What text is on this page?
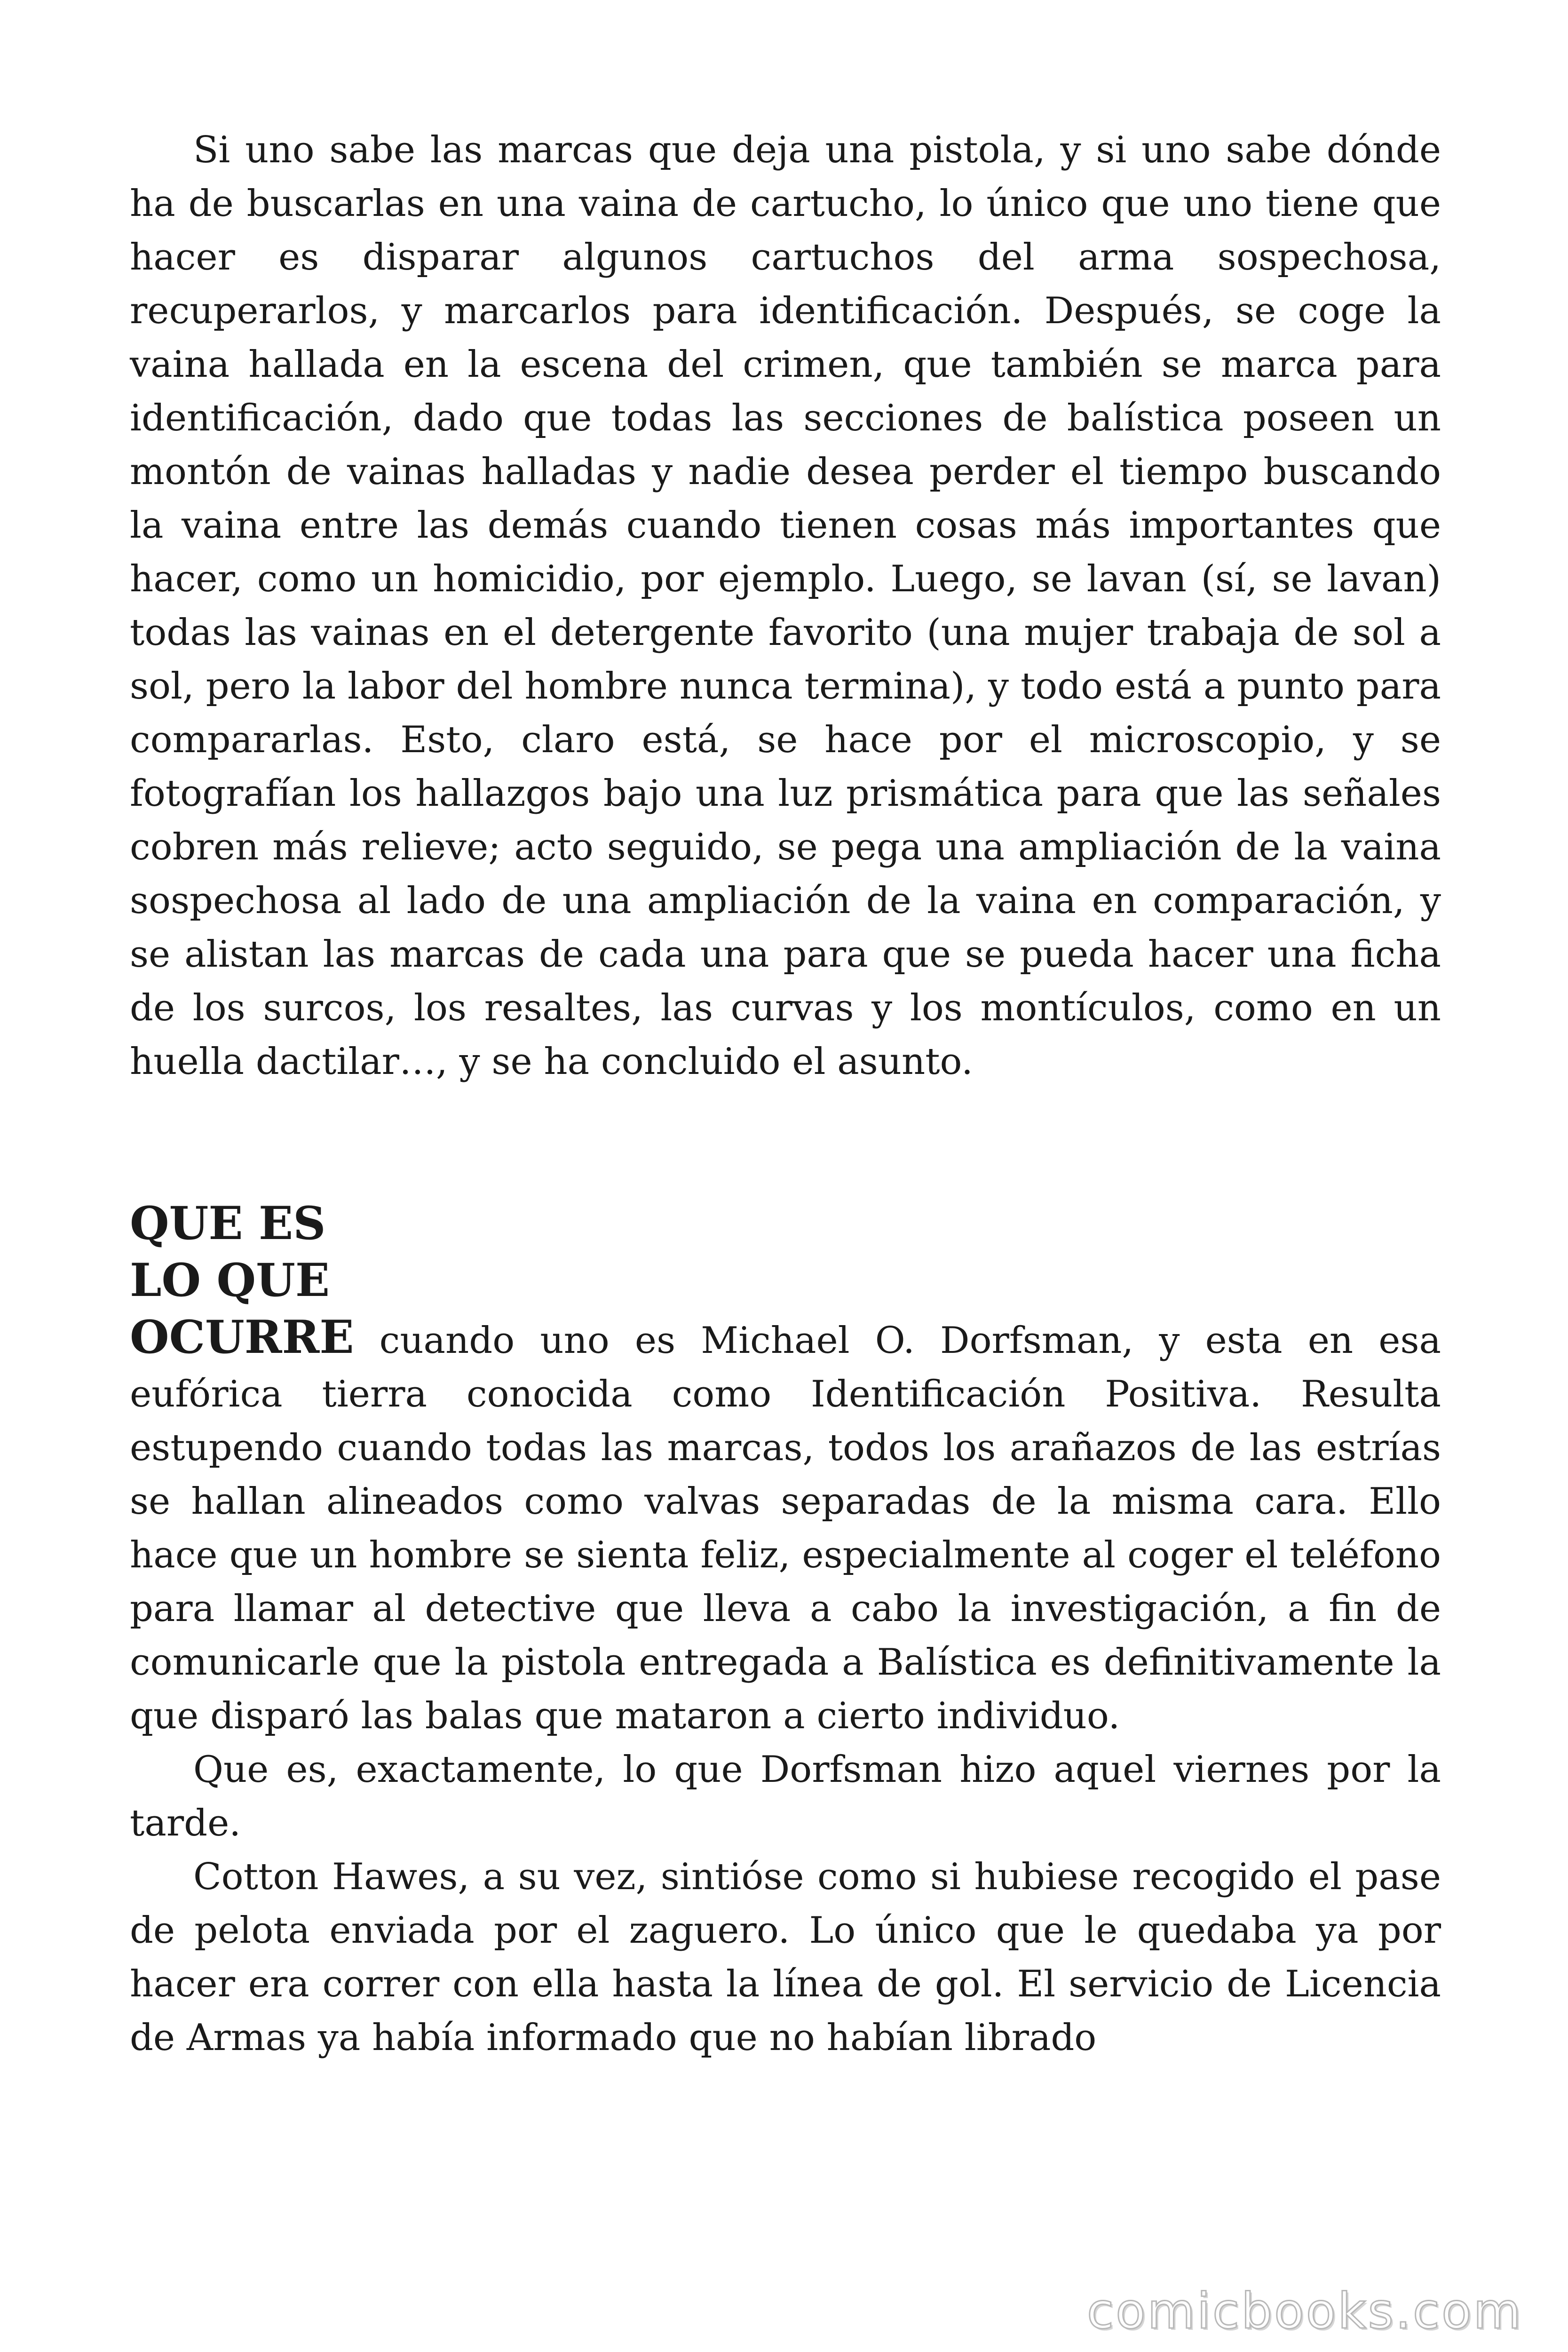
Si uno sabe las marcas que deja una pistola, y si uno sabe dónde ha de buscarlas en una vaina de cartucho, lo único que uno tiene que hacer es disparar algunos cartuchos del arma sospechosa, recuperarlos, y marcarlos para identificación. Después, se coge la vaina hallada en la escena del crimen, que también se marca para identificación, dado que todas las secciones de balística poseen un montón de vainas halladas y nadie desea perder el tiempo buscando la vaina entre las demás cuando tienen cosas más importantes que hacer, como un homicidio, por ejemplo. Luego, se lavan (sí, se lavan) todas las vainas en el detergente favorito (una mujer trabaja de sol a sol, pero la labor del hombre nunca termina), y todo está a punto para compararlas. Esto, claro está, se hace por el microscopio, y se fotografían los hallazgos bajo una luz prismática para que las señales cobren más relieve; acto seguido, se pega una ampliación de la vaina sospechosa al lado de una ampliación de la vaina en comparación, y se alistan las marcas de cada una para que se pueda hacer una ficha de los surcos, los resaltes, las curvas y los montículos, como en un huella dactilar…, y se ha concluido el asunto.

QUE ES
LO QUE
OCURRE cuando uno es Michael O. Dorfsman, y esta en esa eufórica tierra conocida como Identificación Positiva. Resulta estupendo cuando todas las marcas, todos los arañazos de las estrías se hallan alineados como valvas separadas de la misma cara. Ello hace que un hombre se sienta feliz, especialmente al coger el teléfono para llamar al detective que lleva a cabo la investigación, a fin de comunicarle que la pistola entregada a Balística es definitivamente la que disparó las balas que mataron a cierto individuo.

Que es, exactamente, lo que Dorfsman hizo aquel viernes por la tarde.

Cotton Hawes, a su vez, sintióse como si hubiese recogido el pase de pelota enviada por el zaguero. Lo único que le quedaba ya por hacer era correr con ella hasta la línea de gol. El servicio de Licencia de Armas ya había informado que no habían librado

comicbooks.com
